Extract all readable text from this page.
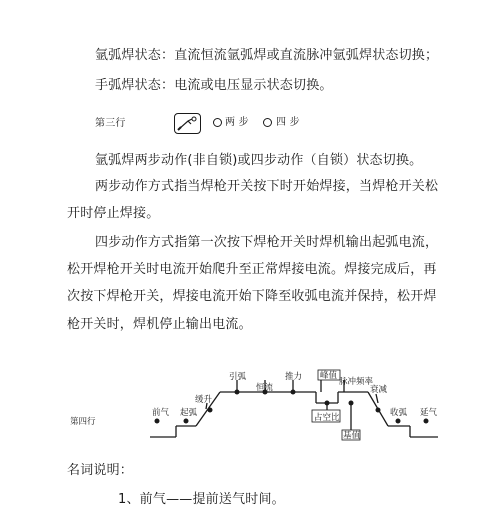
氩弧焊状态：直流恒流氩弧焊或直流脉冲氩弧焊状态切换；
手弧焊状态：电流或电压显示状态切换。
第三行	两 步	四 步
氩弧焊两步动作(非自锁)或四步动作（自锁）状态切换。
两步动作方式指当焊枪开关按下时开始焊接，当焊枪开关松
开时停止焊接。
四步动作方式指第一次按下焊枪开关时焊机输出起弧电流，
松开焊枪开关时电流开始爬升至正常焊接电流。焊接完成后，再
次按下焊枪开关，焊接电流开始下降至收弧电流并保持，松开焊
枪开关时，焊机停止输出电流。
第四行
前气 起弧
缓升
引弧
恒流
推力 峰值
脉冲频率
占空比
基值
衰减
收弧 延气
名词说明：
1、前气——提前送气时间。
